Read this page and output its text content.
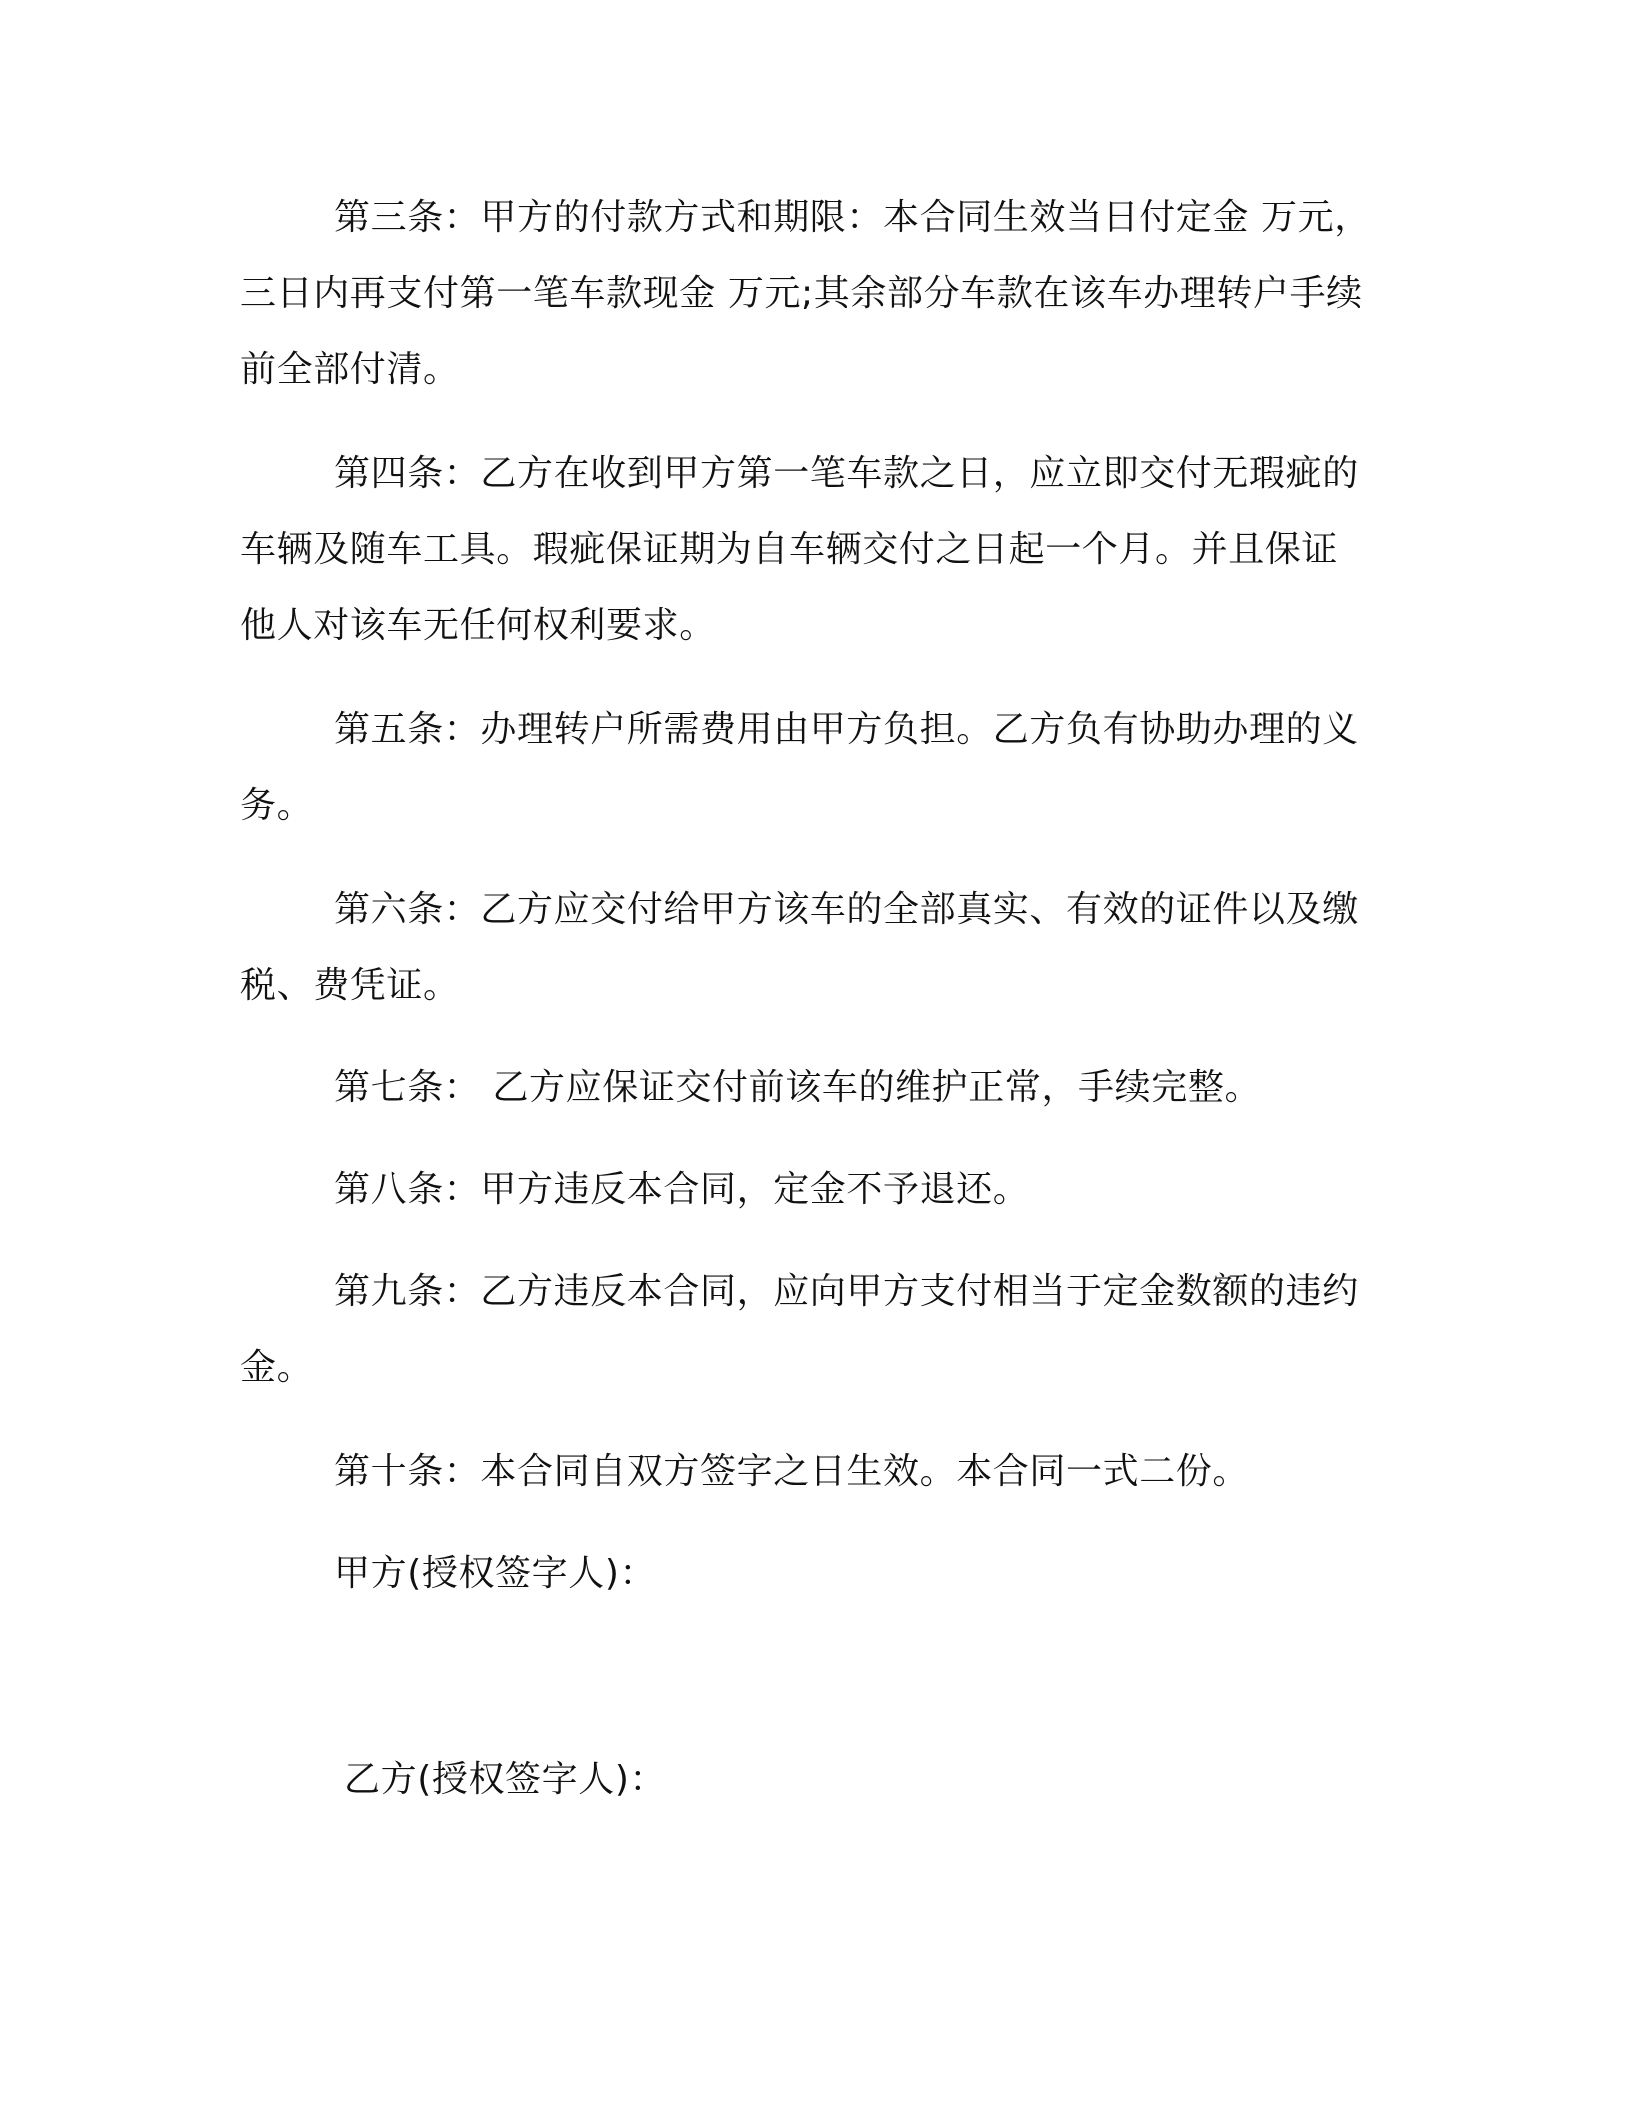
第三条：甲方的付款方式和期限：本合同生效当日付定金 万元，
三日内再支付第一笔车款现金 万元;其余部分车款在该车办理转户手续
前全部付清。
第四条：乙方在收到甲方第一笔车款之日，应立即交付无瑕疵的
车辆及随车工具。瑕疵保证期为自车辆交付之日起一个月。并且保证
他人对该车无任何权利要求。
第五条：办理转户所需费用由甲方负担。乙方负有协助办理的义
务。
第六条：乙方应交付给甲方该车的全部真实、有效的证件以及缴
税、费凭证。
第七条： 乙方应保证交付前该车的维护正常，手续完整。
第八条：甲方违反本合同，定金不予退还。
第九条：乙方违反本合同，应向甲方支付相当于定金数额的违约
金。
第十条：本合同自双方签字之日生效。本合同一式二份。
甲方(授权签字人)：
乙方(授权签字人)：
